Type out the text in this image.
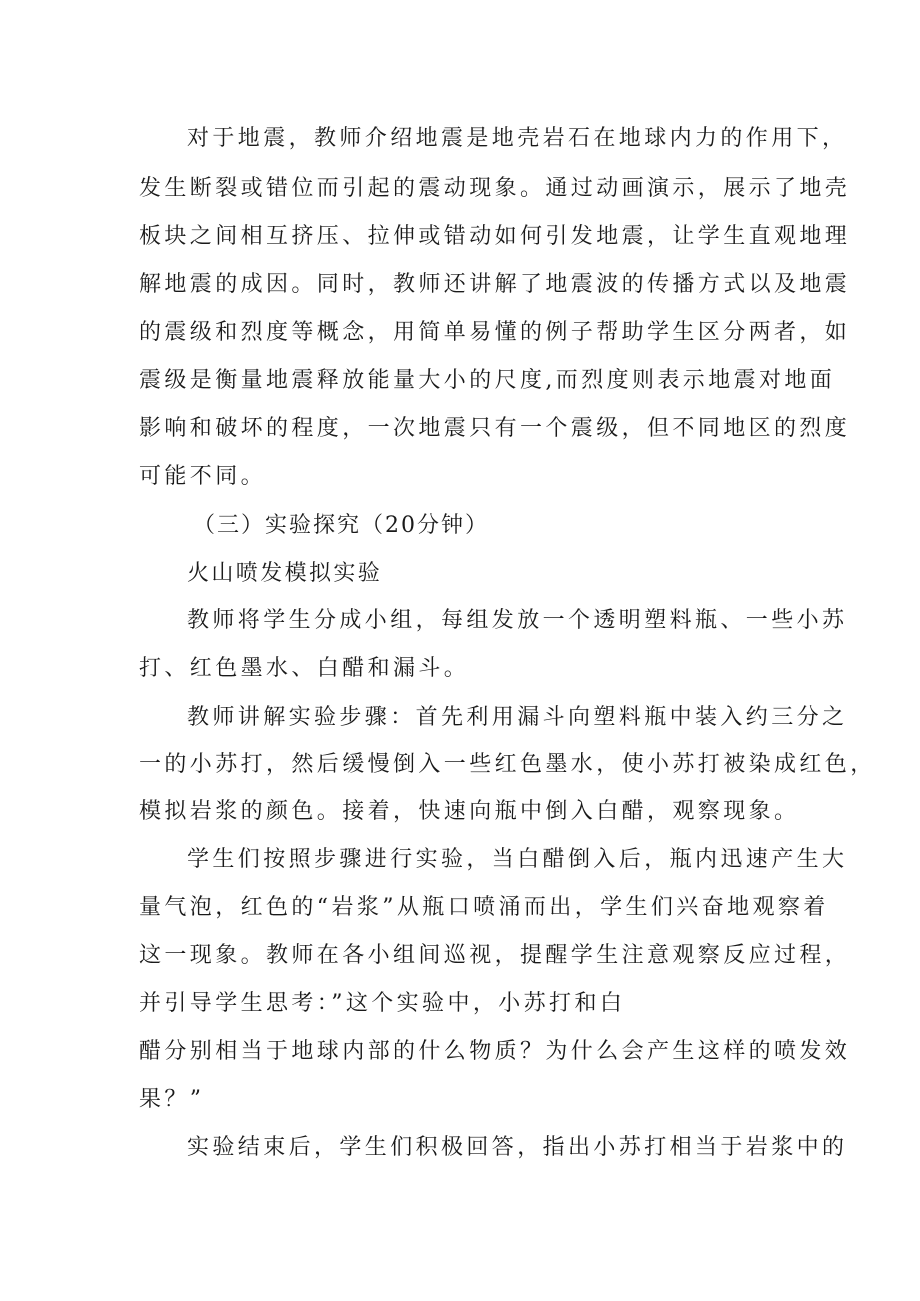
对于地震，教师介绍地震是地壳岩石在地球内力的作用下，

发生断裂或错位而引起的震动现象。通过动画演示，展示了地壳

板块之间相互挤压、拉伸或错动如何引发地震，让学生直观地理

解地震的成因。同时，教师还讲解了地震波的传播方式以及地震

的震级和烈度等概念，用简单易懂的例子帮助学生区分两者，如

震级是衡量地震释放能量大小的尺度,而烈度则表示地震对地面

影响和破坏的程度，一次地震只有一个震级，但不同地区的烈度

可能不同。

（三）实验探究（20分钟）

火山喷发模拟实验

教师将学生分成小组，每组发放一个透明塑料瓶、一些小苏

打、红色墨水、白醋和漏斗。

教师讲解实验步骤：首先利用漏斗向塑料瓶中装入约三分之

一的小苏打，然后缓慢倒入一些红色墨水，使小苏打被染成红色，

模拟岩浆的颜色。接着，快速向瓶中倒入白醋，观察现象。

学生们按照步骤进行实验，当白醋倒入后，瓶内迅速产生大

量气泡，红色的“岩浆”从瓶口喷涌而出，学生们兴奋地观察着

这一现象。教师在各小组间巡视，提醒学生注意观察反应过程，

并引导学生思考：”这个实验中，小苏打和白

醋分别相当于地球内部的什么物质？为什么会产生这样的喷发效

果？”

实验结束后，学生们积极回答，指出小苏打相当于岩浆中的
